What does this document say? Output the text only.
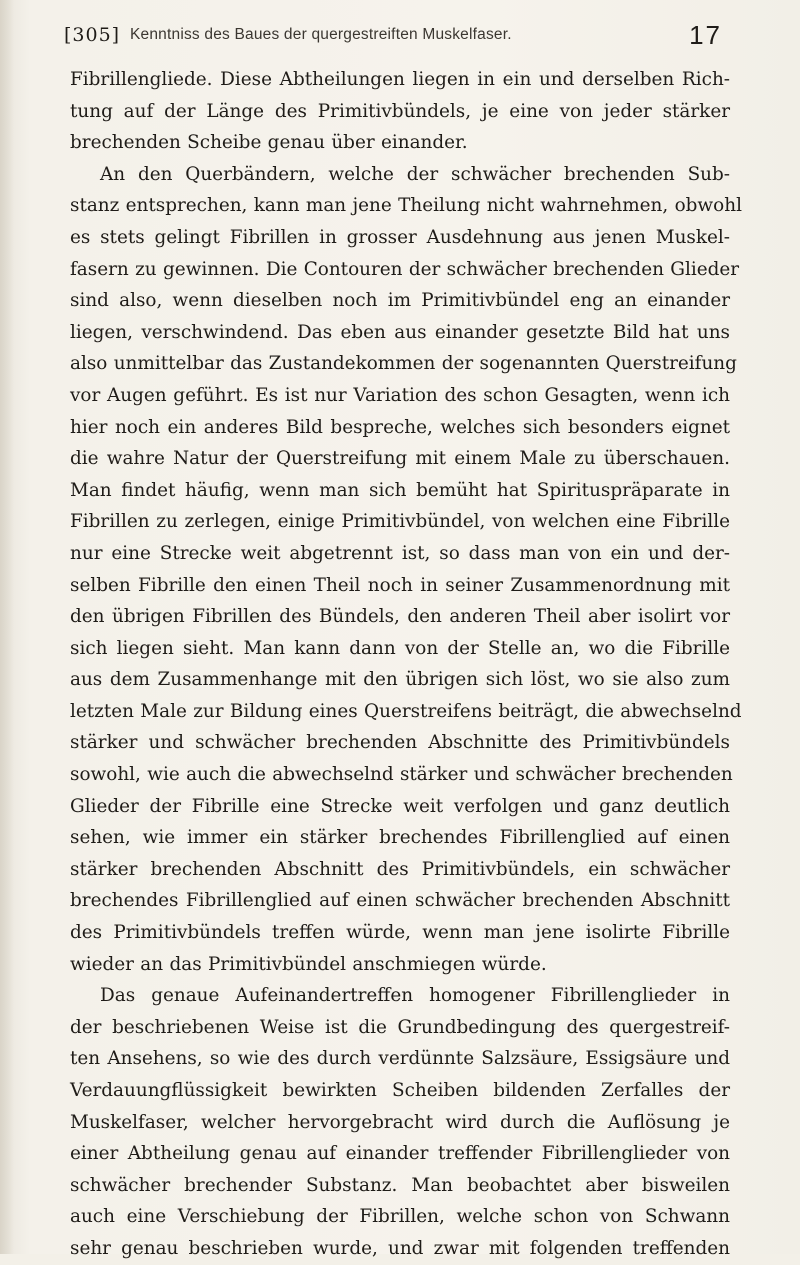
[305] Kenntniss des Baues der quergestreiften Muskelfaser.	17
Fibrillengliede. Diese Abtheilungen liegen in ein und derselben Rich-
tung auf der Länge des Primitivbündels, je eine von jeder stärker
brechenden Scheibe genau über einander.
An den Querbändern, welche der schwächer brechenden Sub-
stanz entsprechen, kann man jene Theilung nicht wahrnehmen, obwohl
es stets gelingt Fibrillen in grosser Ausdehnung aus jenen Muskel-
fasern zu gewinnen. Die Contouren der schwächer brechenden Glieder
sind also, wenn dieselben noch im Primitivbündel eng an einander
liegen, verschwindend. Das eben aus einander gesetzte Bild hat uns
also unmittelbar das Zustandekommen der sogenannten Querstreifung
vor Augen geführt. Es ist nur Variation des schon Gesagten, wenn ich
hier noch ein anderes Bild bespreche, welches sich besonders eignet
die wahre Natur der Querstreifung mit einem Male zu überschauen.
Man findet häufig, wenn man sich bemüht hat Spirituspräparate in
Fibrillen zu zerlegen, einige Primitivbündel, von welchen eine Fibrille
nur eine Strecke weit abgetrennt ist, so dass man von ein und der-
selben Fibrille den einen Theil noch in seiner Zusammenordnung mit
den übrigen Fibrillen des Bündels, den anderen Theil aber isolirt vor
sich liegen sieht. Man kann dann von der Stelle an, wo die Fibrille
aus dem Zusammenhange mit den übrigen sich löst, wo sie also zum
letzten Male zur Bildung eines Querstreifens beiträgt, die abwechselnd
stärker und schwächer brechenden Abschnitte des Primitivbündels
sowohl, wie auch die abwechselnd stärker und schwächer brechenden
Glieder der Fibrille eine Strecke weit verfolgen und ganz deutlich
sehen, wie immer ein stärker brechendes Fibrillenglied auf einen
stärker brechenden Abschnitt des Primitivbündels, ein schwächer
brechendes Fibrillenglied auf einen schwächer brechenden Abschnitt
des Primitivbündels treffen würde, wenn man jene isolirte Fibrille
wieder an das Primitivbündel anschmiegen würde.
Das genaue Aufeinandertreffen homogener Fibrillenglieder in
der beschriebenen Weise ist die Grundbedingung des quergestreif-
ten Ansehens, so wie des durch verdünnte Salzsäure, Essigsäure und
Verdauungflüssigkeit bewirkten Scheiben bildenden Zerfalles der
Muskelfaser, welcher hervorgebracht wird durch die Auflösung je
einer Abtheilung genau auf einander treffender Fibrillenglieder von
schwächer brechender Substanz. Man beobachtet aber bisweilen
auch eine Verschiebung der Fibrillen, welche schon von Schwann
sehr genau beschrieben wurde, und zwar mit folgenden treffenden
